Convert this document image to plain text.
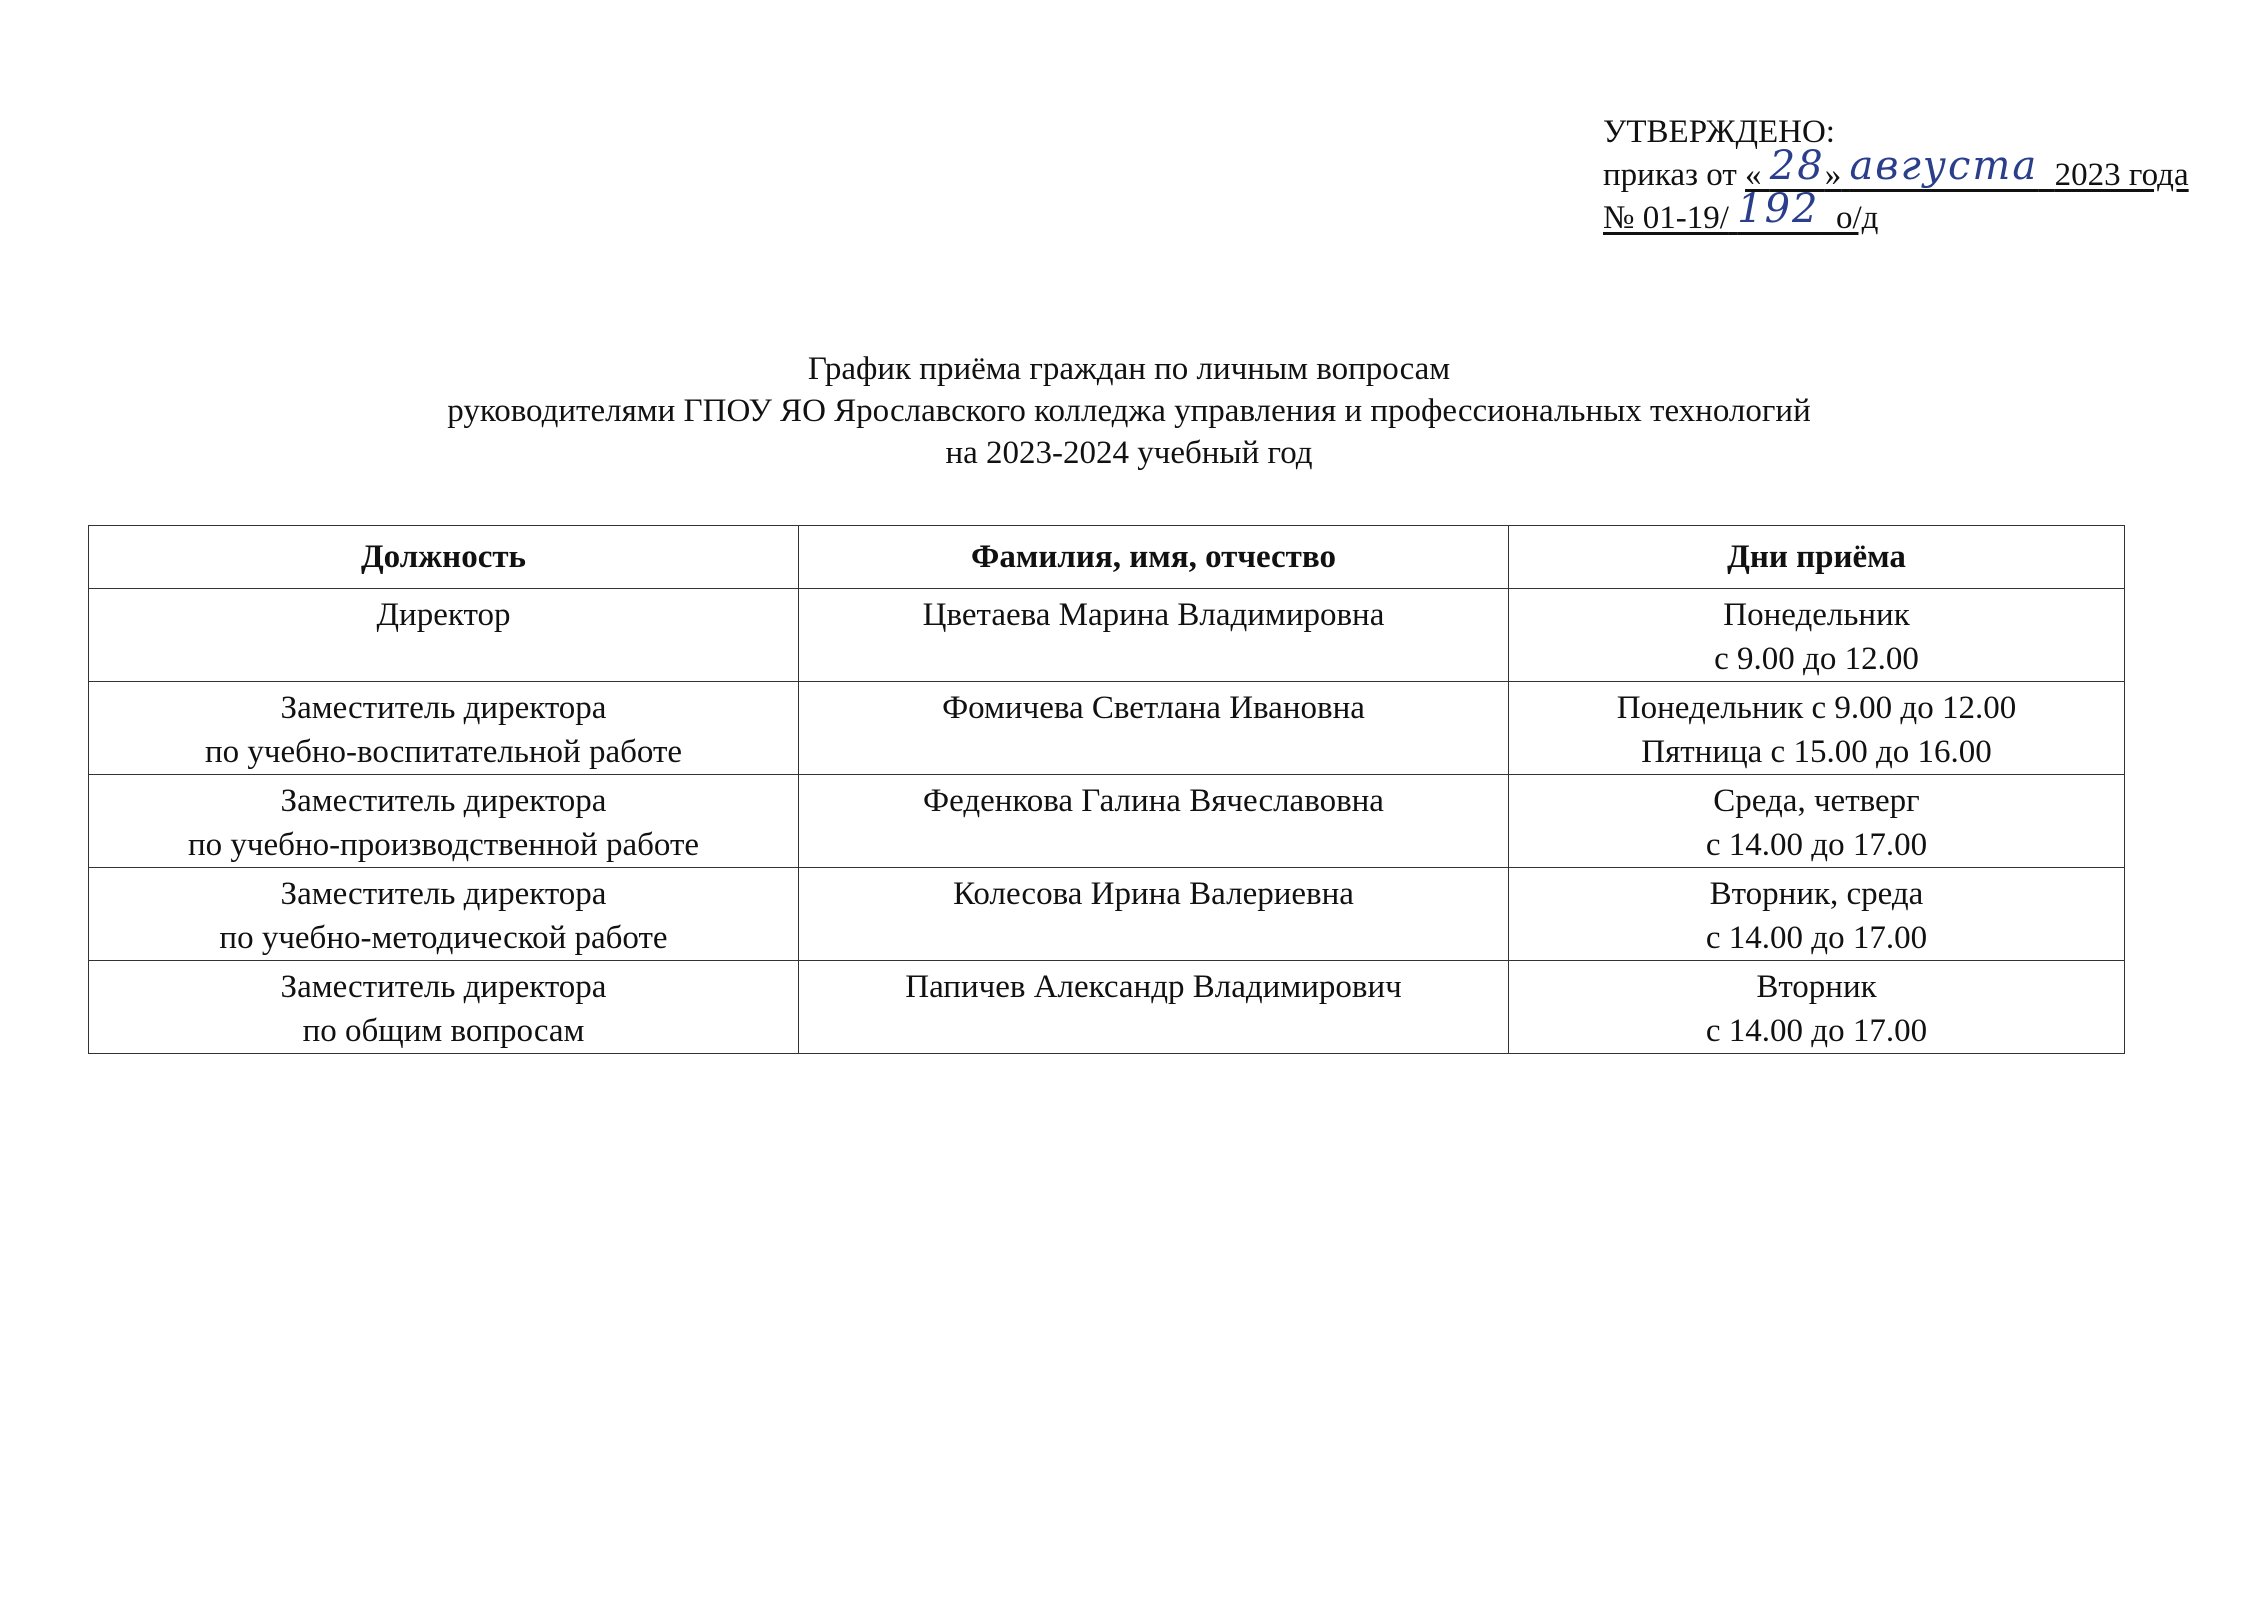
УТВЕРЖДЕНО:
приказ от « 28» августа 2023 года
№ 01-19/ 192 о/д
График приёма граждан по личным вопросам
руководителями ГПОУ ЯО Ярославского колледжа управления и профессиональных технологий
на 2023-2024 учебный год
Должность	Фамилия, имя, отчество	Дни приёма

Директор	Цветаева Марина Владимировна	Понедельник
с 9.00 до 12.00

Заместитель директора
по учебно-воспитательной работе	Фомичева Светлана Ивановна	Понедельник с 9.00 до 12.00
Пятница с 15.00 до 16.00

Заместитель директора
по учебно-производственной работе	Феденкова Галина Вячеславовна	Среда, четверг
с 14.00 до 17.00

Заместитель директора
по учебно-методической работе	Колесова Ирина Валериевна	Вторник, среда
с 14.00 до 17.00

Заместитель директора
по общим вопросам	Папичев Александр Владимирович	Вторник
с 14.00 до 17.00
